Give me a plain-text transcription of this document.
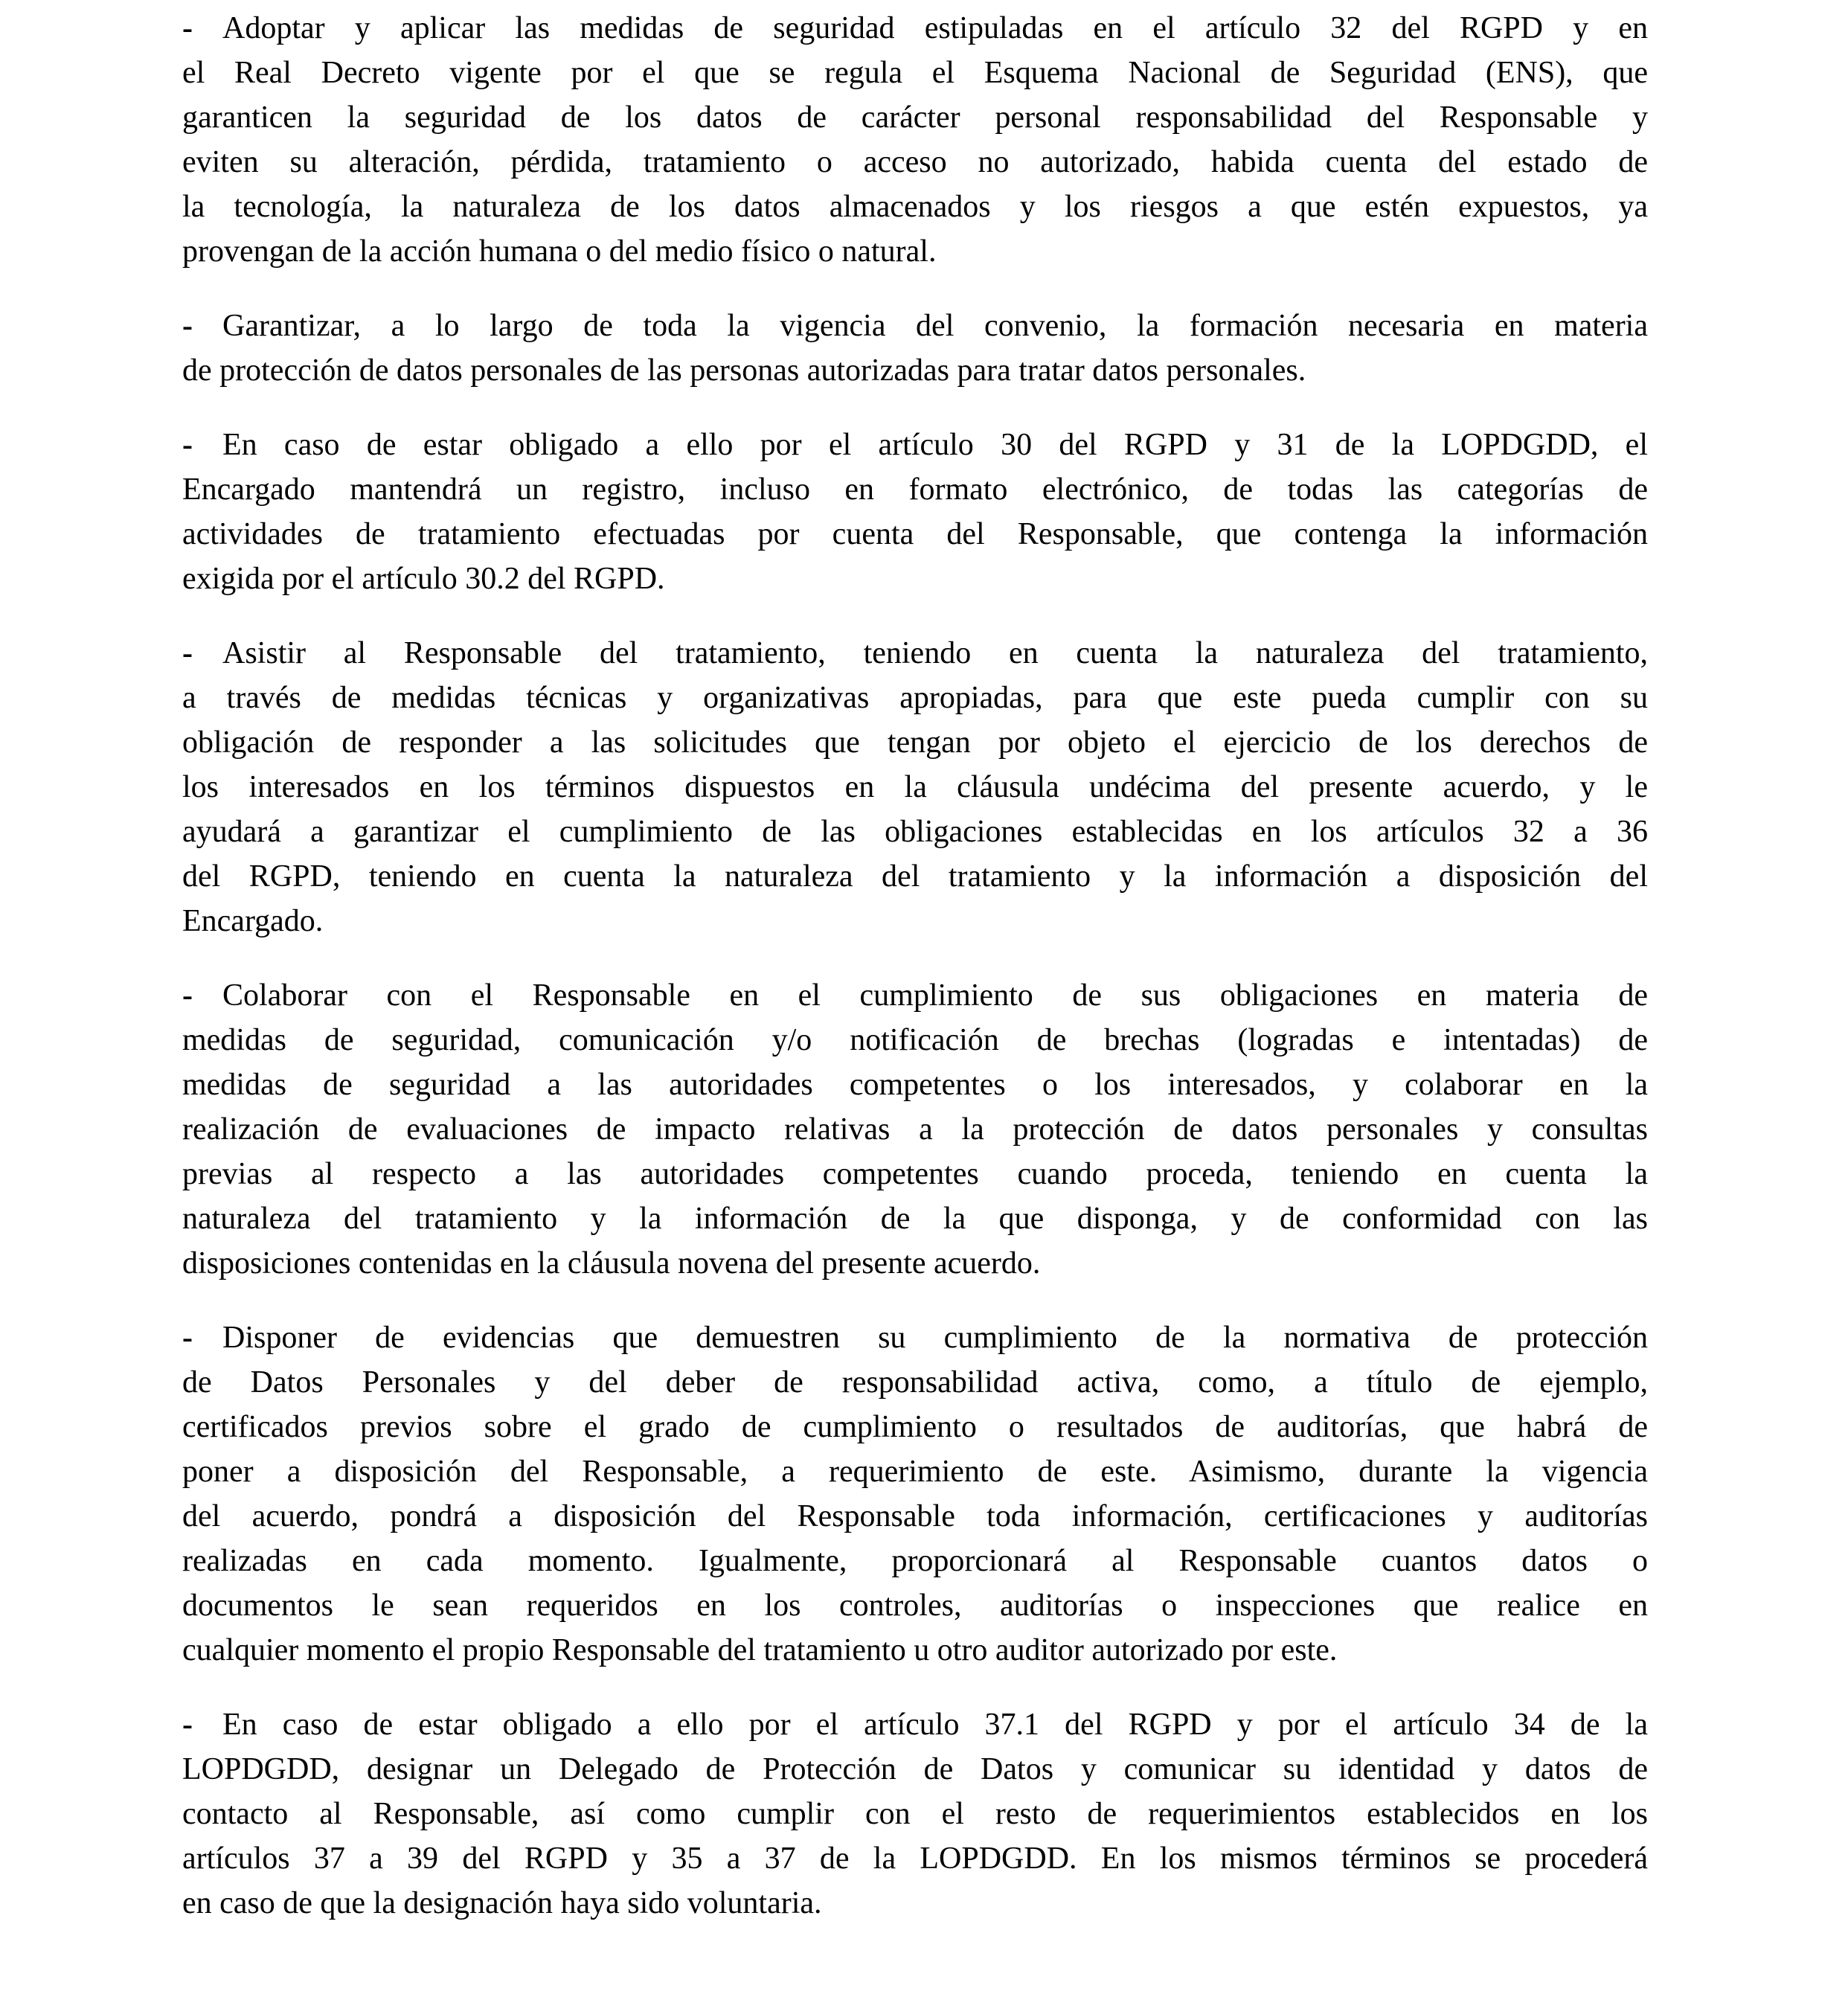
- Adoptar y aplicar las medidas de seguridad estipuladas en el artículo 32 del RGPD y en
el Real Decreto vigente por el que se regula el Esquema Nacional de Seguridad (ENS), que
garanticen la seguridad de los datos de carácter personal responsabilidad del Responsable y
eviten su alteración, pérdida, tratamiento o acceso no autorizado, habida cuenta del estado de
la tecnología, la naturaleza de los datos almacenados y los riesgos a que estén expuestos, ya
provengan de la acción humana o del medio físico o natural.
- Garantizar, a lo largo de toda la vigencia del convenio, la formación necesaria en materia
de protección de datos personales de las personas autorizadas para tratar datos personales.
- En caso de estar obligado a ello por el artículo 30 del RGPD y 31 de la LOPDGDD, el
Encargado mantendrá un registro, incluso en formato electrónico, de todas las categorías de
actividades de tratamiento efectuadas por cuenta del Responsable, que contenga la información
exigida por el artículo 30.2 del RGPD.
- Asistir al Responsable del tratamiento, teniendo en cuenta la naturaleza del tratamiento,
a través de medidas técnicas y organizativas apropiadas, para que este pueda cumplir con su
obligación de responder a las solicitudes que tengan por objeto el ejercicio de los derechos de
los interesados en los términos dispuestos en la cláusula undécima del presente acuerdo, y le
ayudará a garantizar el cumplimiento de las obligaciones establecidas en los artículos 32 a 36
del RGPD, teniendo en cuenta la naturaleza del tratamiento y la información a disposición del
Encargado.
- Colaborar con el Responsable en el cumplimiento de sus obligaciones en materia de
medidas de seguridad, comunicación y/o notificación de brechas (logradas e intentadas) de
medidas de seguridad a las autoridades competentes o los interesados, y colaborar en la
realización de evaluaciones de impacto relativas a la protección de datos personales y consultas
previas al respecto a las autoridades competentes cuando proceda, teniendo en cuenta la
naturaleza del tratamiento y la información de la que disponga, y de conformidad con las
disposiciones contenidas en la cláusula novena del presente acuerdo.
- Disponer de evidencias que demuestren su cumplimiento de la normativa de protección
de Datos Personales y del deber de responsabilidad activa, como, a título de ejemplo,
certificados previos sobre el grado de cumplimiento o resultados de auditorías, que habrá de
poner a disposición del Responsable, a requerimiento de este. Asimismo, durante la vigencia
del acuerdo, pondrá a disposición del Responsable toda información, certificaciones y auditorías
realizadas en cada momento. Igualmente, proporcionará al Responsable cuantos datos o
documentos le sean requeridos en los controles, auditorías o inspecciones que realice en
cualquier momento el propio Responsable del tratamiento u otro auditor autorizado por este.
- En caso de estar obligado a ello por el artículo 37.1 del RGPD y por el artículo 34 de la
LOPDGDD, designar un Delegado de Protección de Datos y comunicar su identidad y datos de
contacto al Responsable, así como cumplir con el resto de requerimientos establecidos en los
artículos 37 a 39 del RGPD y 35 a 37 de la LOPDGDD. En los mismos términos se procederá
en caso de que la designación haya sido voluntaria.
